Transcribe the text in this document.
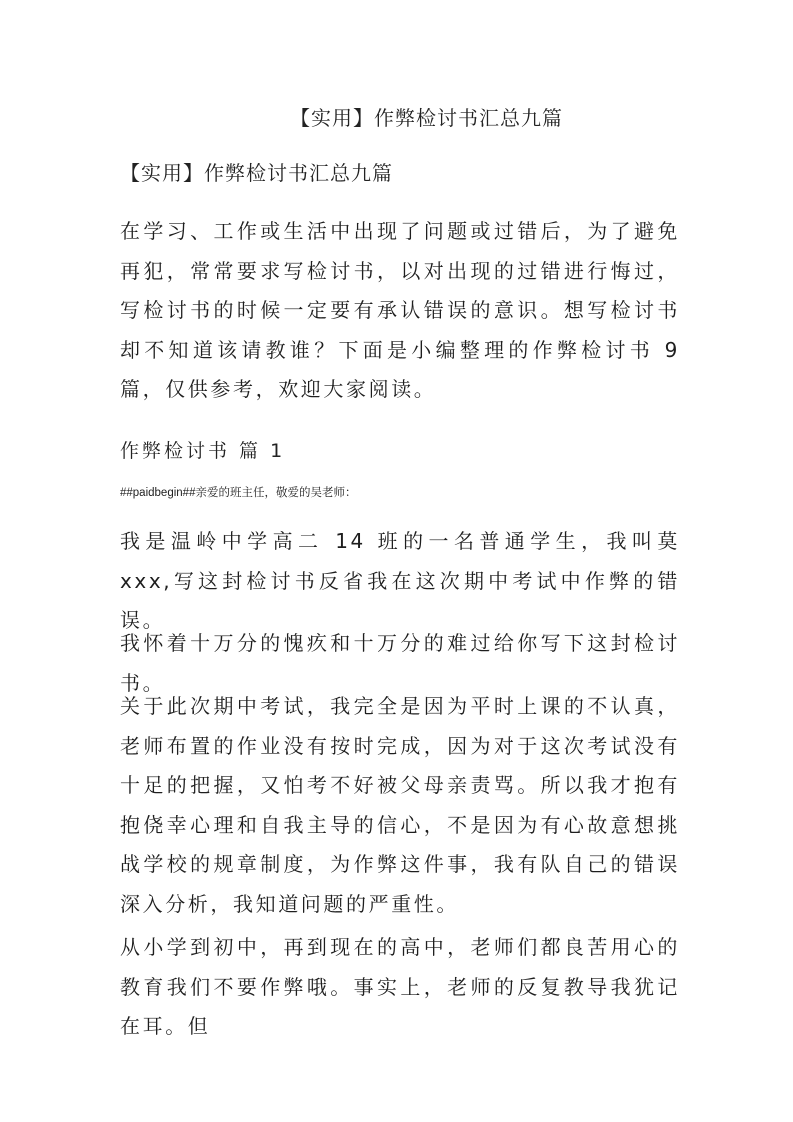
【实用】作弊检讨书汇总九篇
【实用】作弊检讨书汇总九篇
在学习、工作或生活中出现了问题或过错后，为了避免再犯，常常要求写检讨书，以对出现的过错进行悔过，写检讨书的时候一定要有承认错误的意识。想写检讨书却不知道该请教谁？下面是小编整理的作弊检讨书 9 篇，仅供参考，欢迎大家阅读。
作弊检讨书 篇 1
##paidbegin##亲爱的班主任，敬爱的吴老师：
我是温岭中学高二 14 班的一名普通学生，我叫莫 xxx,写这封检讨书反省我在这次期中考试中作弊的错误。
我怀着十万分的愧疚和十万分的难过给你写下这封检讨书。
关于此次期中考试，我完全是因为平时上课的不认真，老师布置的作业没有按时完成，因为对于这次考试没有十足的把握，又怕考不好被父母亲责骂。所以我才抱有抱侥幸心理和自我主导的信心，不是因为有心故意想挑战学校的规章制度，为作弊这件事，我有队自己的错误深入分析，我知道问题的严重性。
从小学到初中，再到现在的高中，老师们都良苦用心的教育我们不要作弊哦。事实上，老师的反复教导我犹记在耳。但
